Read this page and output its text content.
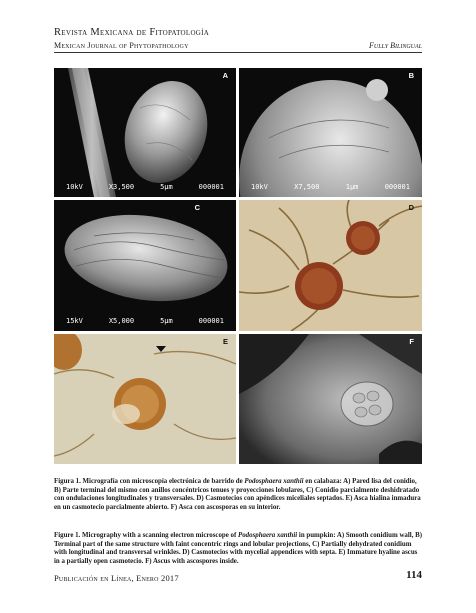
Revista Mexicana de Fitopatología
Mexican Journal of Phytopathology	Fully Bilingual
A
10kV	X3,500	5μm	000001
B
10kV	X7,500	1μm	000001
C
15kV	X5,000	5μm	000001
D
E	F
Figura 1. Micrografía con microscopía electrónica de barrido de Podosphaera xanthii en calabaza: A) Pared lisa del conidio, B) Parte terminal del mismo con anillos concéntricos tenues y proyecciones lobulares, C) Conidio parcialmente deshidratado con ondulaciones longitudinales y transversales. D) Casmotecios con apéndices miceliales septados. E) Asca hialina inmadura en un casmotecio parcialmente abierto. F) Asca con ascosporas en su interior.
Figure 1. Micrography with a scanning electron microscope of Podosphaera xanthii in pumpkin: A) Smooth conidium wall, B) Terminal part of the same structure with faint concentric rings and lobular projections, C) Partially dehydrated conidium with longitudinal and transversal wrinkles. D) Casmotecios with mycelial appendices with septa. E) Immature hyaline ascus in a partially open casmotecio. F) Ascus with ascospores inside.
Publicación en Línea, Enero 2017	114
